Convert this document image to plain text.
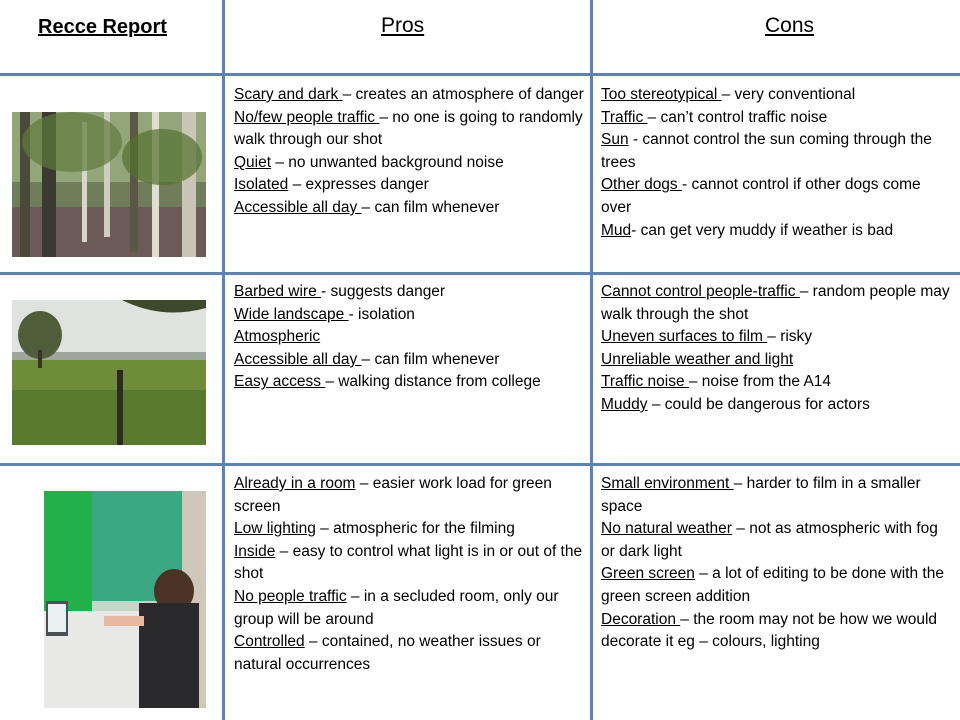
Recce Report	Pros	Cons
Scary and dark – creates an atmosphere of danger
No/few people traffic – no one is going to randomly walk through our shot
Quiet – no unwanted background noise
Isolated – expresses danger
Accessible all day – can film whenever
Too stereotypical – very conventional
Traffic – can’t control traffic noise
Sun - cannot control the sun coming through the trees
Other dogs - cannot control if other dogs come over
Mud- can get very muddy if weather is bad
Barbed wire - suggests danger
Wide landscape - isolation
Atmospheric
Accessible all day – can film whenever
Easy access – walking distance from college
Cannot control people-traffic – random people may walk through the shot
Uneven surfaces to film – risky
Unreliable weather and light
Traffic noise – noise from the A14
Muddy – could be dangerous for actors
Already in a room – easier work load for green screen
Low lighting – atmospheric for the filming
Inside – easy to control what light is in or out of the shot
No people traffic – in a secluded room, only our group will be around
Controlled – contained, no weather issues or natural occurrences
Small environment – harder to film in a smaller space
No natural weather – not as atmospheric with fog or dark light
Green screen – a lot of editing to be done with the green screen addition
Decoration – the room may not be how we would decorate it eg – colours, lighting
